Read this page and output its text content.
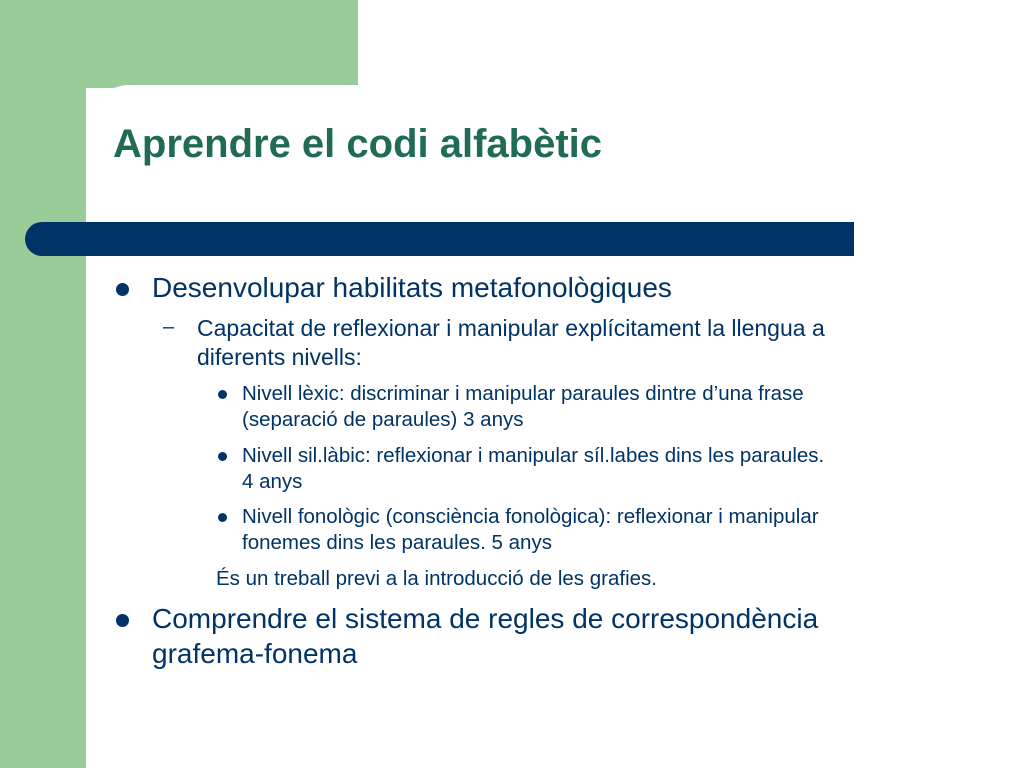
Aprendre el codi alfabètic
Desenvolupar habilitats metafonològiques
– Capacitat de reflexionar i manipular explícitament la llengua a
diferents nivells:
Nivell lèxic: discriminar i manipular paraules dintre d’una frase
(separació de paraules) 3 anys
Nivell sil.làbic: reflexionar i manipular síl.labes dins les paraules.
4 anys
Nivell fonològic (consciència fonològica): reflexionar i manipular
fonemes dins les paraules. 5 anys
És un treball previ a la introducció de les grafies.
Comprendre el sistema de regles de correspondència
grafema-fonema
